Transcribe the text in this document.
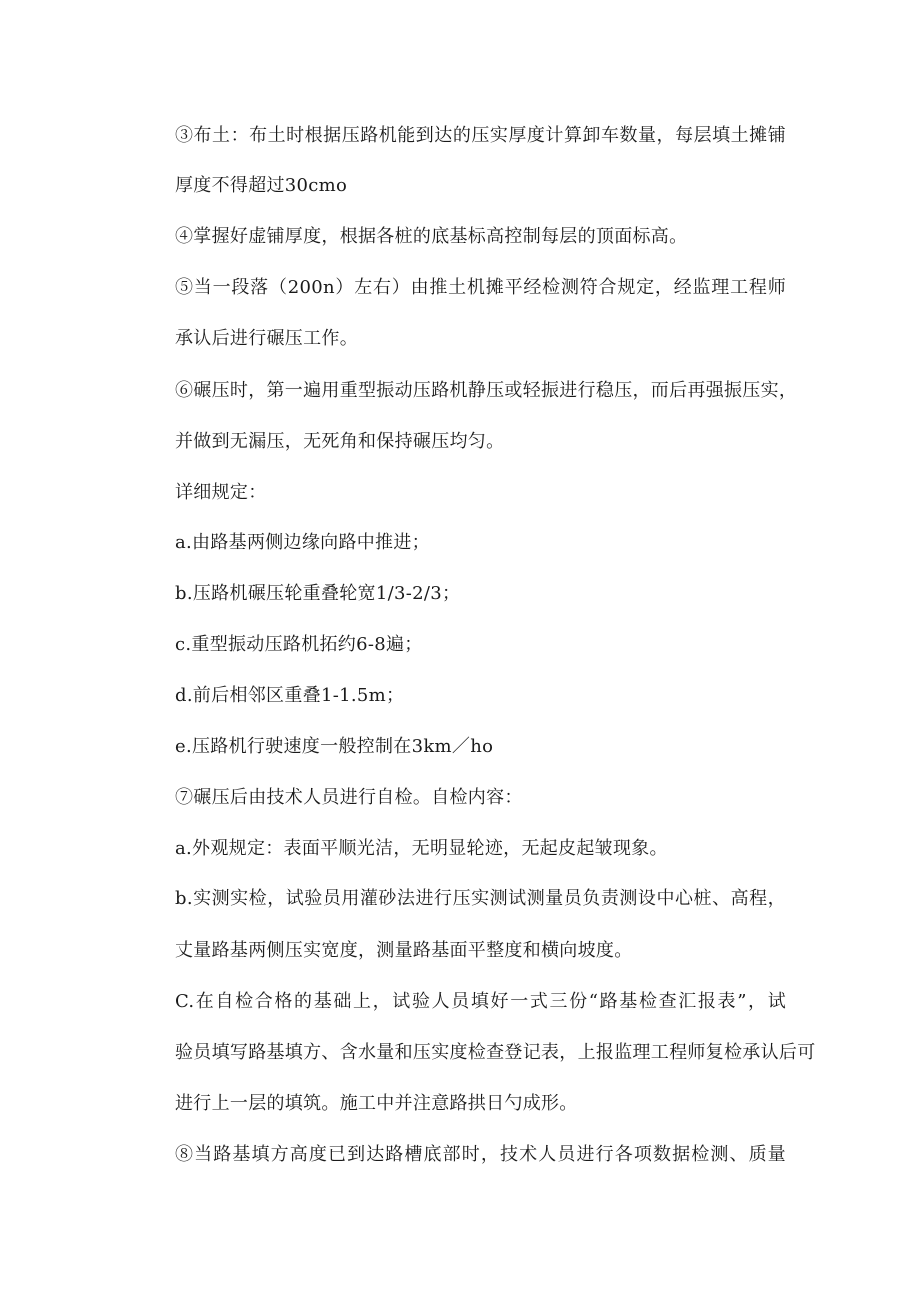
③布土：布土时根据压路机能到达的压实厚度计算卸车数量，每层填土摊铺
厚度不得超过30cmo
④掌握好虚铺厚度，根据各桩的底基标高控制每层的顶面标高。
⑤当一段落（200n）左右）由推土机摊平经检测符合规定，经监理工程师
承认后进行碾压工作。
⑥碾压时，第一遍用重型振动压路机静压或轻振进行稳压，而后再强振压实，
并做到无漏压，无死角和保持碾压均匀。
详细规定：
a.由路基两侧边缘向路中推进；
b.压路机碾压轮重叠轮宽1/3-2/3；
c.重型振动压路机拓约6-8遍；
d.前后相邻区重叠1-1.5m；
e.压路机行驶速度一般控制在3km／ho
⑦碾压后由技术人员进行自检。自检内容：
a.外观规定：表面平顺光洁，无明显轮迹，无起皮起皱现象。
b.实测实检，试验员用灌砂法进行压实测试测量员负责测设中心桩、高程，
丈量路基两侧压实宽度，测量路基面平整度和横向坡度。
C.在自检合格的基础上，试验人员填好一式三份“路基检查汇报表”，试
验员填写路基填方、含水量和压实度检查登记表，上报监理工程师复检承认后可
进行上一层的填筑。施工中并注意路拱日勺成形。
⑧当路基填方高度已到达路槽底部时，技术人员进行各项数据检测、质量
